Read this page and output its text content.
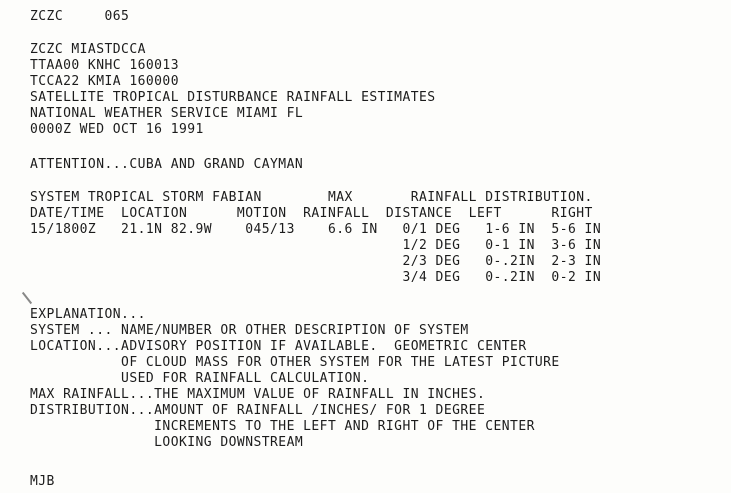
ZCZC     065
ZCZC MIASTDCCA
TTAA00 KNHC 160013
TCCA22 KMIA 160000
SATELLITE TROPICAL DISTURBANCE RAINFALL ESTIMATES
NATIONAL WEATHER SERVICE MIAMI FL
0000Z WED OCT 16 1991
ATTENTION...CUBA AND GRAND CAYMAN
SYSTEM TROPICAL STORM FABIAN        MAX       RAINFALL DISTRIBUTION.
DATE/TIME  LOCATION      MOTION  RAINFALL  DISTANCE  LEFT      RIGHT
15/1800Z   21.1N 82.9W    045/13    6.6 IN   0/1 DEG   1-6 IN  5-6 IN
1/2 DEG   0-1 IN  3-6 IN
2/3 DEG   0-.2IN  2-3 IN
3/4 DEG   0-.2IN  0-2 IN
EXPLANATION...
SYSTEM ... NAME/NUMBER OR OTHER DESCRIPTION OF SYSTEM
LOCATION...ADVISORY POSITION IF AVAILABLE.  GEOMETRIC CENTER
OF CLOUD MASS FOR OTHER SYSTEM FOR THE LATEST PICTURE
USED FOR RAINFALL CALCULATION.
MAX RAINFALL...THE MAXIMUM VALUE OF RAINFALL IN INCHES.
DISTRIBUTION...AMOUNT OF RAINFALL /INCHES/ FOR 1 DEGREE
INCREMENTS TO THE LEFT AND RIGHT OF THE CENTER
LOOKING DOWNSTREAM
MJB
